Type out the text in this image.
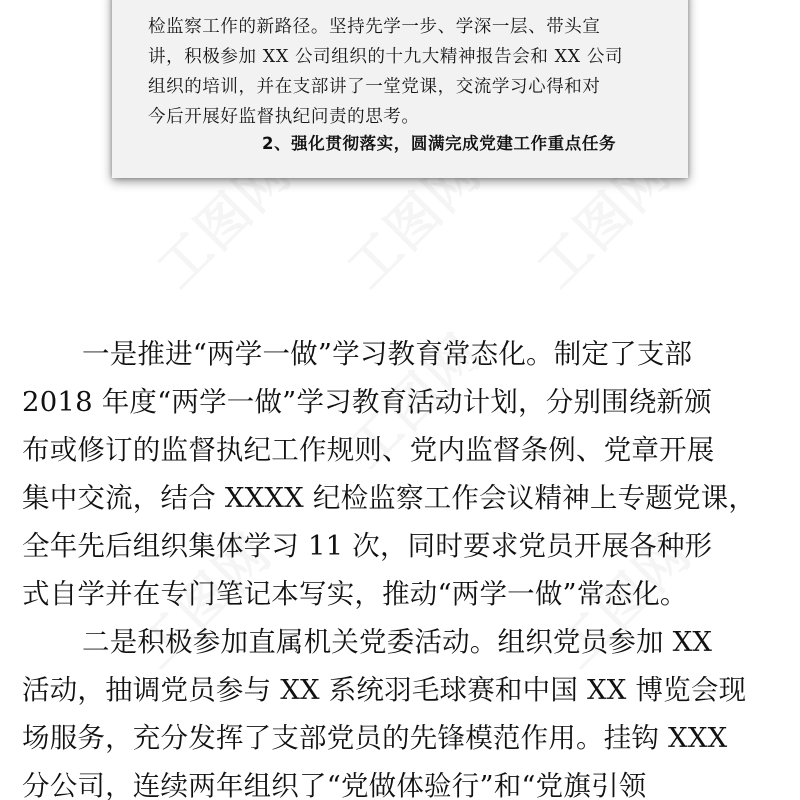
工图网 工图网 工图网
工图网
工图网
工图网
检监察工作的新路径。坚持先学一步、学深一层、带头宣
讲，积极参加 XX 公司组织的十九大精神报告会和 XX 公司
组织的培训，并在支部讲了一堂党课，交流学习心得和对
今后开展好监督执纪问责的思考。
2、强化贯彻落实，圆满完成党建工作重点任务
一是推进“两学一做”学习教育常态化。制定了支部
2018 年度“两学一做”学习教育活动计划，分别围绕新颁
布或修订的监督执纪工作规则、党内监督条例、党章开展
集中交流，结合 XXXX 纪检监察工作会议精神上专题党课，
全年先后组织集体学习 11 次，同时要求党员开展各种形
式自学并在专门笔记本写实，推动“两学一做”常态化。
二是积极参加直属机关党委活动。组织党员参加 XX
活动，抽调党员参与 XX 系统羽毛球赛和中国 XX 博览会现
场服务，充分发挥了支部党员的先锋模范作用。挂钩 XXX
分公司，连续两年组织了“党做体验行”和“党旗引领
